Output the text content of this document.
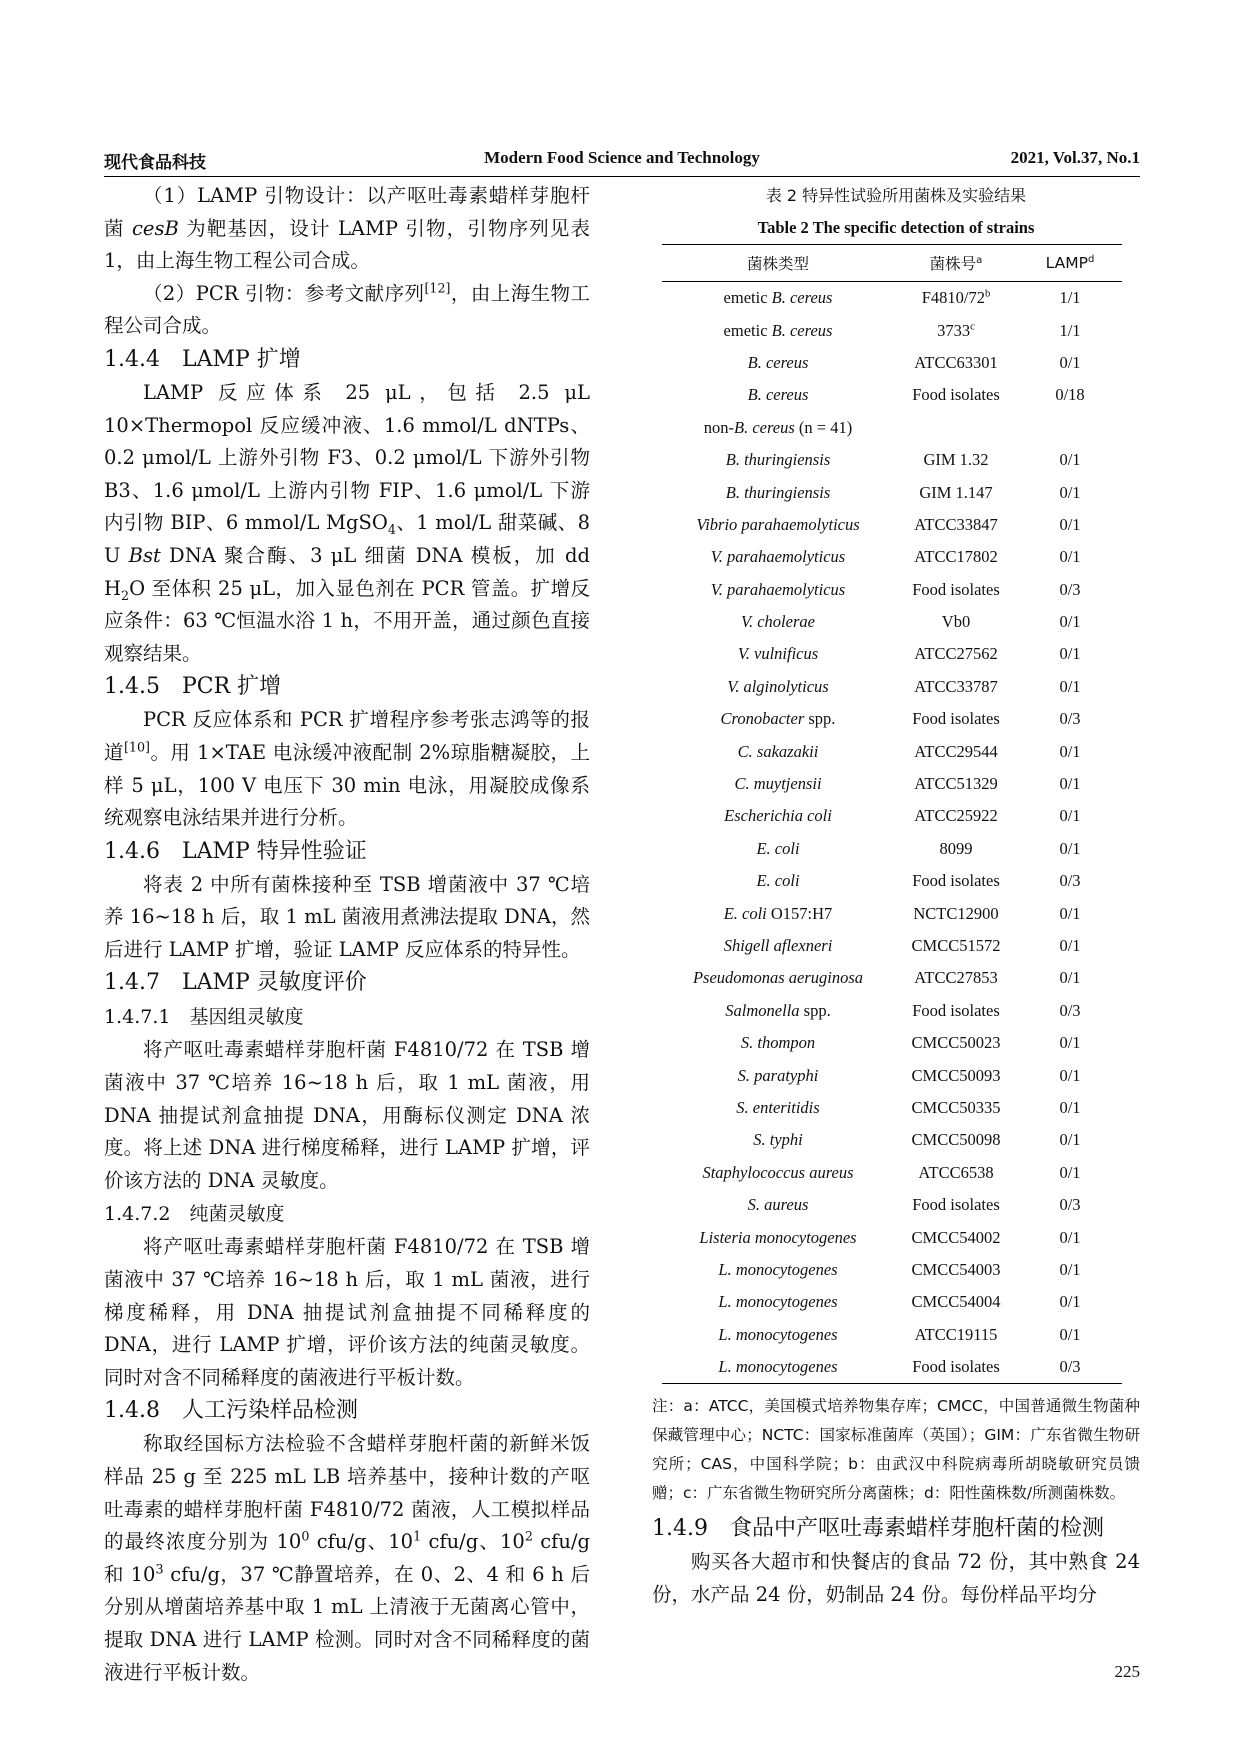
现代食品科技	Modern Food Science and Technology	2021, Vol.37, No.1

（1）LAMP 引物设计：以产呕吐毒素蜡样芽胞杆菌 cesB 为靶基因，设计 LAMP 引物，引物序列见表 1，由上海生物工程公司合成。

（2）PCR 引物：参考文献序列[12]，由上海生物工程公司合成。

1.4.4　LAMP 扩增

LAMP 反应体系 25 μL，包括 2.5 μL 10×Thermopol 反应缓冲液、1.6 mmol/L dNTPs、0.2 μmol/L 上游外引物 F3、0.2 μmol/L 下游外引物 B3、1.6 μmol/L 上游内引物 FIP、1.6 μmol/L 下游内引物 BIP、6 mmol/L MgSO$_4$、1 mol/L 甜菜碱、8 U Bst DNA 聚合酶、3 μL 细菌 DNA 模板，加 dd $H_2O$ 至体积 25 μL，加入显色剂在 PCR 管盖。扩增反应条件：63 ℃恒温水浴 1 h，不用开盖，通过颜色直接观察结果。

1.4.5　PCR 扩增

PCR 反应体系和 PCR 扩增程序参考张志鸿等的报道[10]。用 1×TAE 电泳缓冲液配制 2%琼脂糖凝胶，上样 5 μL，100 V 电压下 30 min 电泳，用凝胶成像系统观察电泳结果并进行分析。

1.4.6　LAMP 特异性验证

将表 2 中所有菌株接种至 TSB 增菌液中 37 ℃培养 16~18 h 后，取 1 mL 菌液用煮沸法提取 DNA，然后进行 LAMP 扩增，验证 LAMP 反应体系的特异性。

1.4.7　LAMP 灵敏度评价

1.4.7.1　基因组灵敏度

将产呕吐毒素蜡样芽胞杆菌 F4810/72 在 TSB 增菌液中 37 ℃培养 16~18 h 后，取 1 mL 菌液，用 DNA 抽提试剂盒抽提 DNA，用酶标仪测定 DNA 浓度。将上述 DNA 进行梯度稀释，进行 LAMP 扩增，评价该方法的 DNA 灵敏度。

1.4.7.2　纯菌灵敏度

将产呕吐毒素蜡样芽胞杆菌 F4810/72 在 TSB 增菌液中 37 ℃培养 16~18 h 后，取 1 mL 菌液，进行梯度稀释，用 DNA 抽提试剂盒抽提不同稀释度的 DNA，进行 LAMP 扩增，评价该方法的纯菌灵敏度。同时对含不同稀释度的菌液进行平板计数。

1.4.8　人工污染样品检测

称取经国标方法检验不含蜡样芽胞杆菌的新鲜米饭样品 25 g 至 225 mL LB 培养基中，接种计数的产呕吐毒素的蜡样芽胞杆菌 F4810/72 菌液，人工模拟样品的最终浓度分别为 $10^0$ cfu/g、$10^1$ cfu/g、$10^2$ cfu/g 和 $10^3$ cfu/g，37 ℃静置培养，在 0、2、4 和 6 h 后分别从增菌培养基中取 1 mL 上清液于无菌离心管中，提取 DNA 进行 LAMP 检测。同时对含不同稀释度的菌液进行平板计数。

表 2 特异性试验所用菌株及实验结果

Table 2 The specific detection of strains

菌株类型	菌株号$^a$	LAMP$^d$
emetic B. cereus	F4810/72$^b$	1/1
emetic B. cereus	3733$^c$	1/1
B. cereus	ATCC63301	0/1
B. cereus	Food isolates	0/18
non-B. cereus (n = 41)		
B. thuringiensis	GIM 1.32	0/1
B. thuringiensis	GIM 1.147	0/1
Vibrio parahaemolyticus	ATCC33847	0/1
V. parahaemolyticus	ATCC17802	0/1
V. parahaemolyticus	Food isolates	0/3
V. cholerae	Vb0	0/1
V. vulnificus	ATCC27562	0/1
V. alginolyticus	ATCC33787	0/1
Cronobacter spp.	Food isolates	0/3
C. sakazakii	ATCC29544	0/1
C. muytjensii	ATCC51329	0/1
Escherichia coli	ATCC25922	0/1
E. coli	8099	0/1
E. coli	Food isolates	0/3
E. coli O157:H7	NCTC12900	0/1
Shigell aflexneri	CMCC51572	0/1
Pseudomonas aeruginosa	ATCC27853	0/1
Salmonella spp.	Food isolates	0/3
S. thompon	CMCC50023	0/1
S. paratyphi	CMCC50093	0/1
S. enteritidis	CMCC50335	0/1
S. typhi	CMCC50098	0/1
Staphylococcus aureus	ATCC6538	0/1
S. aureus	Food isolates	0/3
Listeria monocytogenes	CMCC54002	0/1
L. monocytogenes	CMCC54003	0/1
L. monocytogenes	CMCC54004	0/1
L. monocytogenes	ATCC19115	0/1
L. monocytogenes	Food isolates	0/3

注：a：ATCC，美国模式培养物集存库；CMCC，中国普通微生物菌种保藏管理中心；NCTC：国家标准菌库（英国）；GIM：广东省微生物研究所；CAS，中国科学院；b：由武汉中科院病毒所胡晓敏研究员馈赠；c：广东省微生物研究所分离菌株；d：阳性菌株数/所测菌株数。

1.4.9　食品中产呕吐毒素蜡样芽胞杆菌的检测

购买各大超市和快餐店的食品 72 份，其中熟食 24 份，水产品 24 份，奶制品 24 份。每份样品平均分

225
